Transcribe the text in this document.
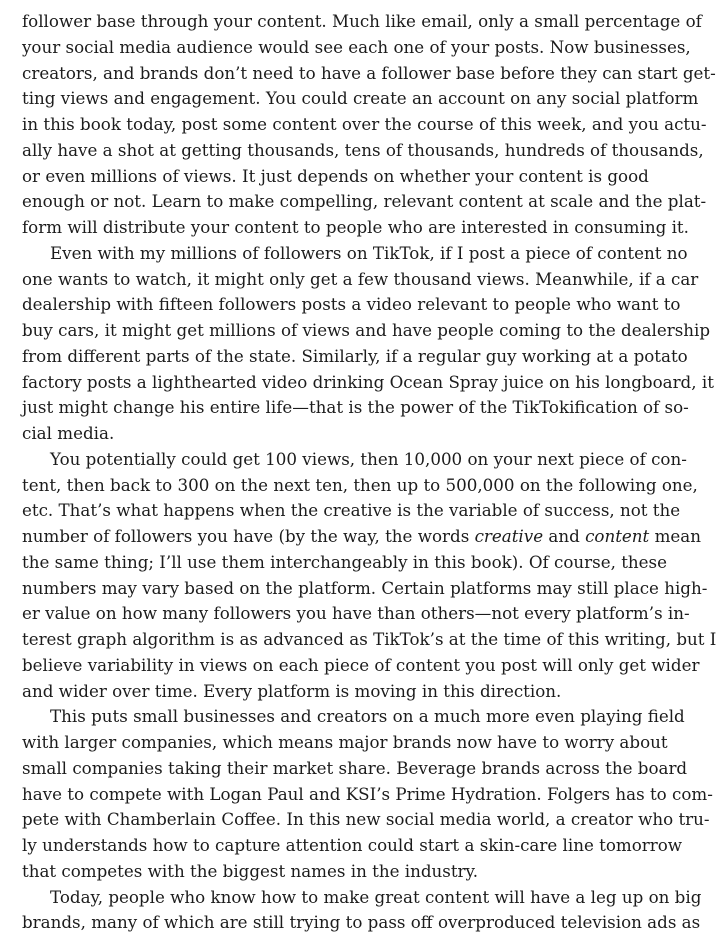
follower base through your content. Much like email, only a small percentage of
your social media audience would see each one of your posts. Now businesses,
creators, and brands don’t need to have a follower base before they can start get-
ting views and engagement. You could create an account on any social platform
in this book today, post some content over the course of this week, and you actu-
ally have a shot at getting thousands, tens of thousands, hundreds of thousands,
or even millions of views. It just depends on whether your content is good
enough or not. Learn to make compelling, relevant content at scale and the plat-
form will distribute your content to people who are interested in consuming it.
Even with my millions of followers on TikTok, if I post a piece of content no
one wants to watch, it might only get a few thousand views. Meanwhile, if a car
dealership with fifteen followers posts a video relevant to people who want to
buy cars, it might get millions of views and have people coming to the dealership
from different parts of the state. Similarly, if a regular guy working at a potato
factory posts a lighthearted video drinking Ocean Spray juice on his longboard, it
just might change his entire life—that is the power of the TikTokification of so-
cial media.
You potentially could get 100 views, then 10,000 on your next piece of con-
tent, then back to 300 on the next ten, then up to 500,000 on the following one,
etc. That’s what happens when the creative is the variable of success, not the
number of followers you have (by the way, the words creative and content mean
the same thing; I’ll use them interchangeably in this book). Of course, these
numbers may vary based on the platform. Certain platforms may still place high-
er value on how many followers you have than others—not every platform’s in-
terest graph algorithm is as advanced as TikTok’s at the time of this writing, but I
believe variability in views on each piece of content you post will only get wider
and wider over time. Every platform is moving in this direction.
This puts small businesses and creators on a much more even playing field
with larger companies, which means major brands now have to worry about
small companies taking their market share. Beverage brands across the board
have to compete with Logan Paul and KSI’s Prime Hydration. Folgers has to com-
pete with Chamberlain Coffee. In this new social media world, a creator who tru-
ly understands how to capture attention could start a skin-care line tomorrow
that competes with the biggest names in the industry.
Today, people who know how to make great content will have a leg up on big
brands, many of which are still trying to pass off overproduced television ads as
